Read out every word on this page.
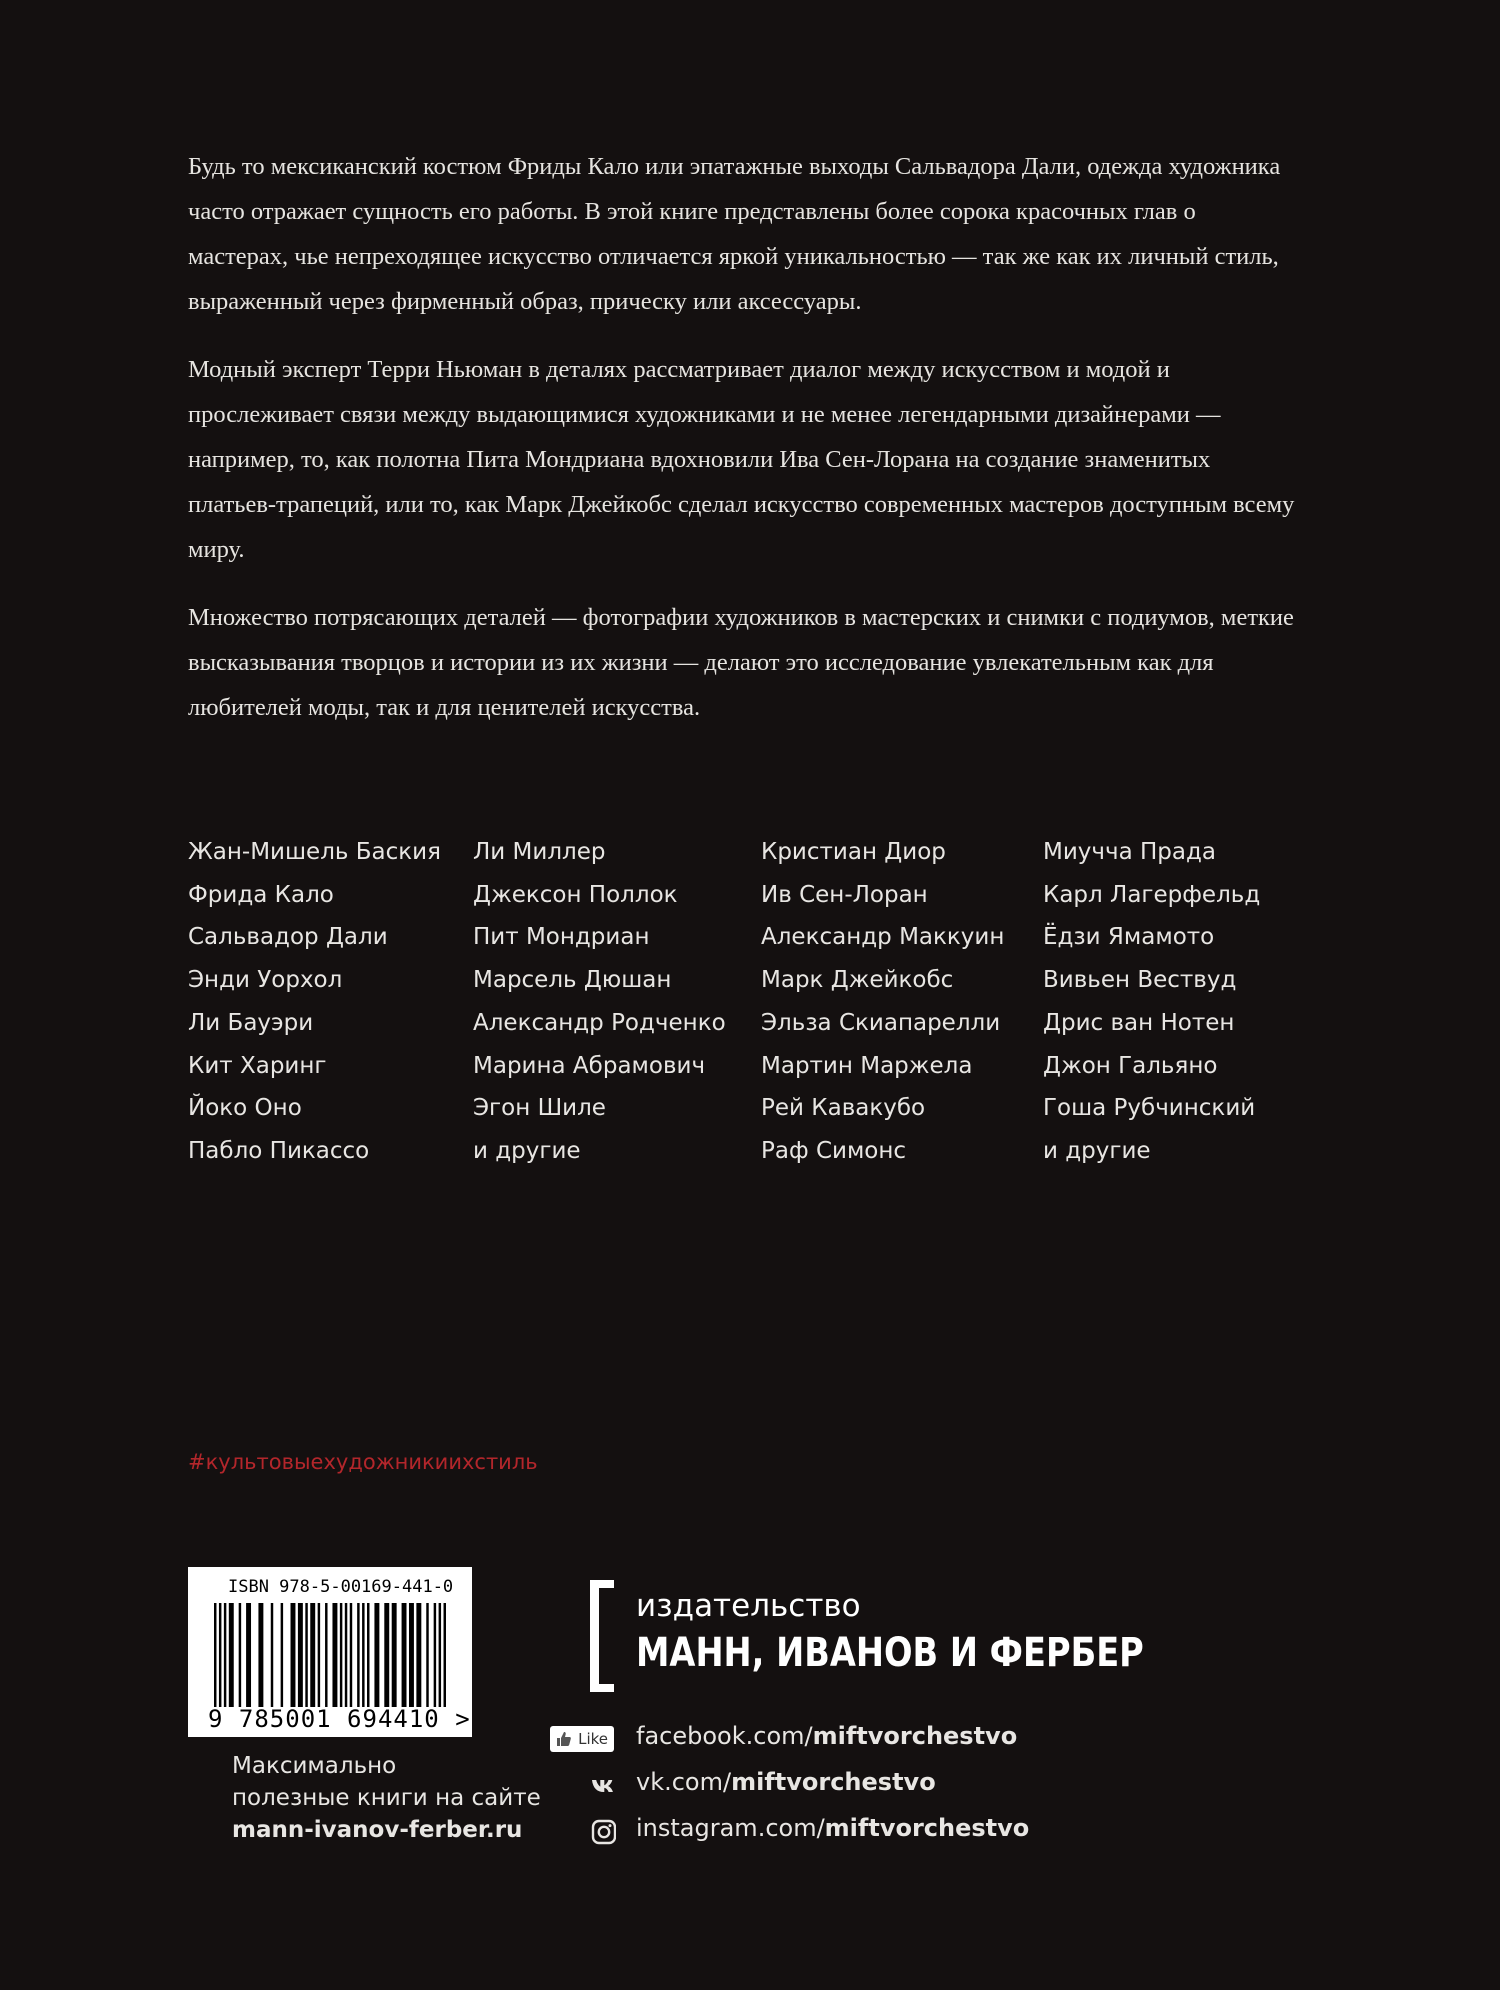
Будь то мексиканский костюм Фриды Кало или эпатажные выходы Сальвадора Дали, одежда художника часто отражает сущность его работы. В этой книге представлены более сорока красочных глав о мастерах, чье непреходящее искусство отличается яркой уникальностью — так же как их личный стиль, выраженный через фирменный образ, прическу или аксессуары.

Модный эксперт Терри Ньюман в деталях рассматривает диалог между искусством и модой и прослеживает связи между выдающимися художниками и не менее легендарными дизайнерами — например, то, как полотна Пита Мондриана вдохновили Ива Сен-Лорана на создание знаменитых платьев-трапеций, или то, как Марк Джейкобс сделал искусство современных мастеров доступным всему миру.

Множество потрясающих деталей — фотографии художников в мастерских и снимки с подиумов, меткие высказывания творцов и истории из их жизни — делают это исследование увлекательным как для любителей моды, так и для ценителей искусства.

Жан-Мишель Баския
Фрида Кало
Сальвадор Дали
Энди Уорхол
Ли Бауэри
Кит Харинг
Йоко Оно
Пабло Пикассо
Ли Миллер
Джексон Поллок
Пит Мондриан
Марсель Дюшан
Александр Родченко
Марина Абрамович
Эгон Шиле
и другие
Кристиан Диор
Ив Сен-Лоран
Александр Маккуин
Марк Джейкобс
Эльза Скиапарелли
Мартин Маржела
Рей Кавакубо
Раф Симонс
Миучча Прада
Карл Лагерфельд
Ёдзи Ямамото
Вивьен Вествуд
Дрис ван Нотен
Джон Гальяно
Гоша Рубчинский
и другие
#культовыехудожникиихстиль
ISBN 978-5-00169-441-0
9 785001 694410 >
Максимально
полезные книги на сайте
mann-ivanov-ferber.ru
издательство
МАНН, ИВАНОВ И ФЕРБЕР
Like facebook.com/miftvorchestvo
vk.com/miftvorchestvo
instagram.com/miftvorchestvo
